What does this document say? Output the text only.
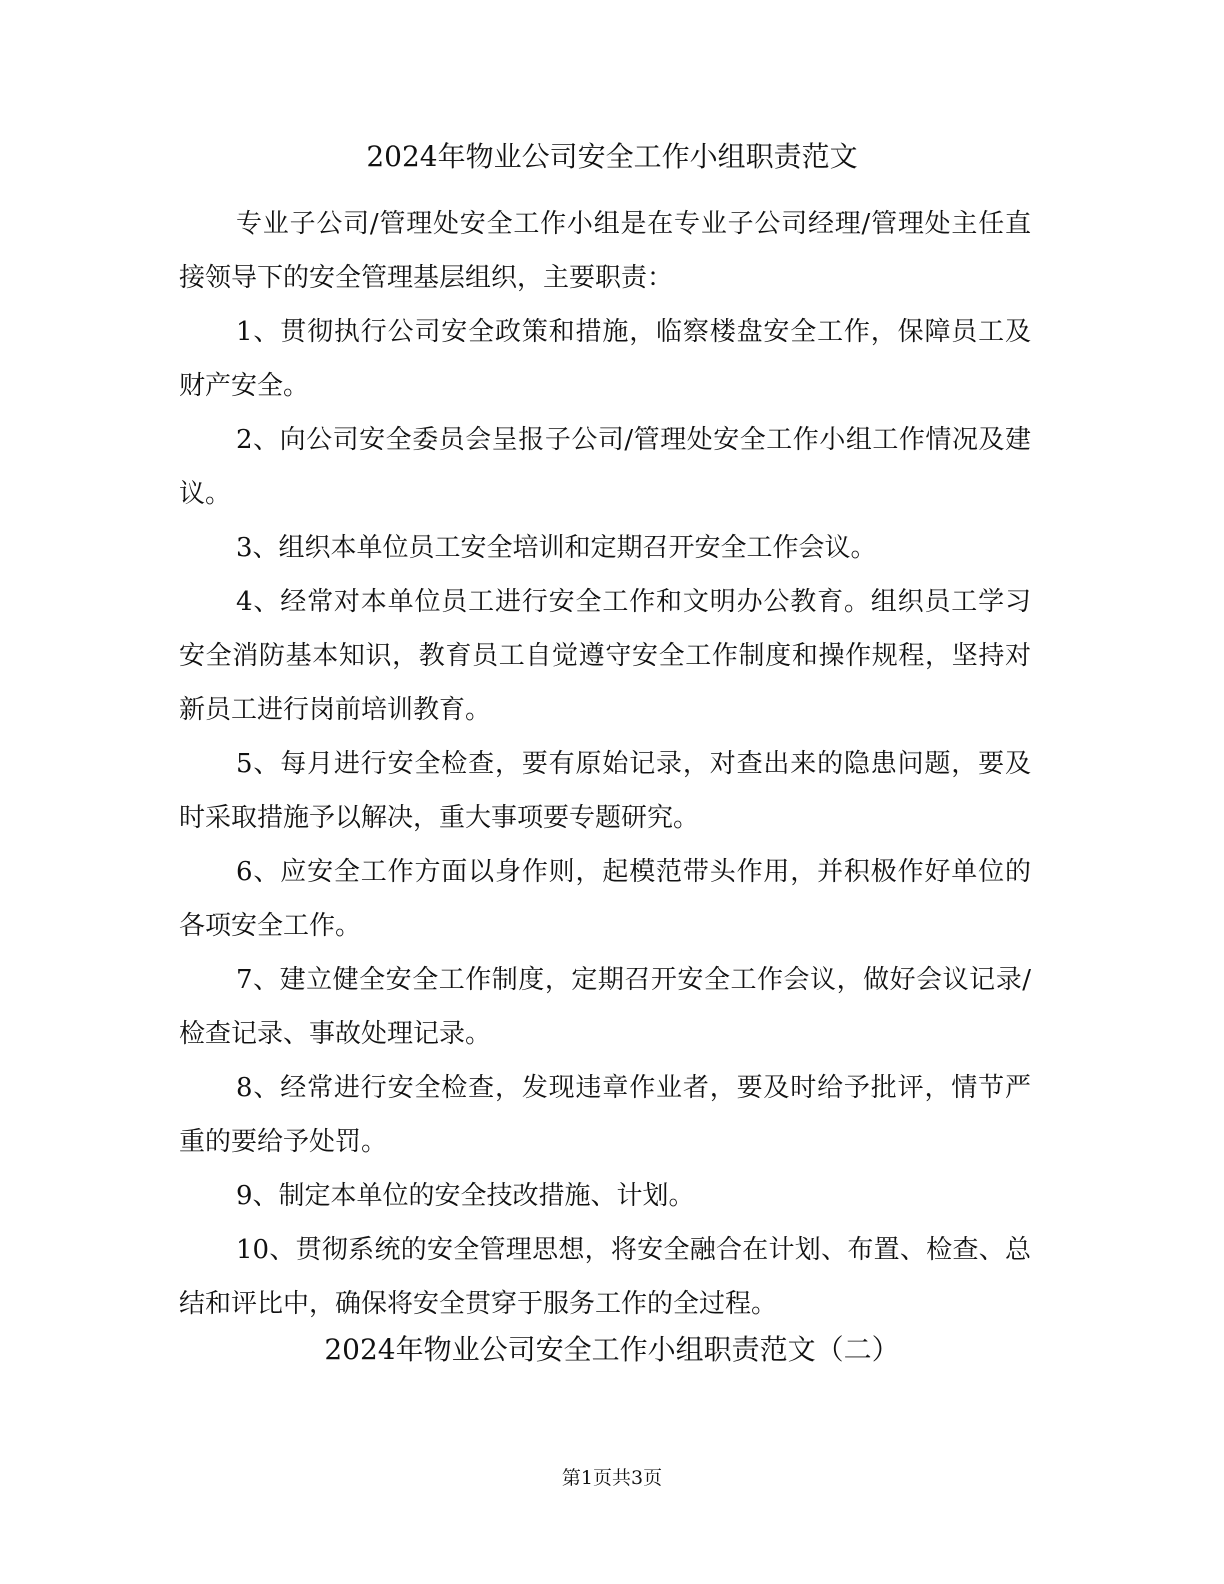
2024年物业公司安全工作小组职责范文

专业子公司/管理处安全工作小组是在专业子公司经理/管理处主任直接领导下的安全管理基层组织，主要职责：

1、贯彻执行公司安全政策和措施，临察楼盘安全工作，保障员工及财产安全。

2、向公司安全委员会呈报子公司/管理处安全工作小组工作情况及建议。

3、组织本单位员工安全培训和定期召开安全工作会议。

4、经常对本单位员工进行安全工作和文明办公教育。组织员工学习安全消防基本知识，教育员工自觉遵守安全工作制度和操作规程，坚持对新员工进行岗前培训教育。

5、每月进行安全检查，要有原始记录，对查出来的隐患问题，要及时采取措施予以解决，重大事项要专题研究。

6、应安全工作方面以身作则，起模范带头作用，并积极作好单位的各项安全工作。

7、建立健全安全工作制度，定期召开安全工作会议，做好会议记录/检查记录、事故处理记录。

8、经常进行安全检查，发现违章作业者，要及时给予批评，情节严重的要给予处罚。

9、制定本单位的安全技改措施、计划。

10、贯彻系统的安全管理思想，将安全融合在计划、布置、检查、总结和评比中，确保将安全贯穿于服务工作的全过程。

2024年物业公司安全工作小组职责范文（二）
第1页共3页
